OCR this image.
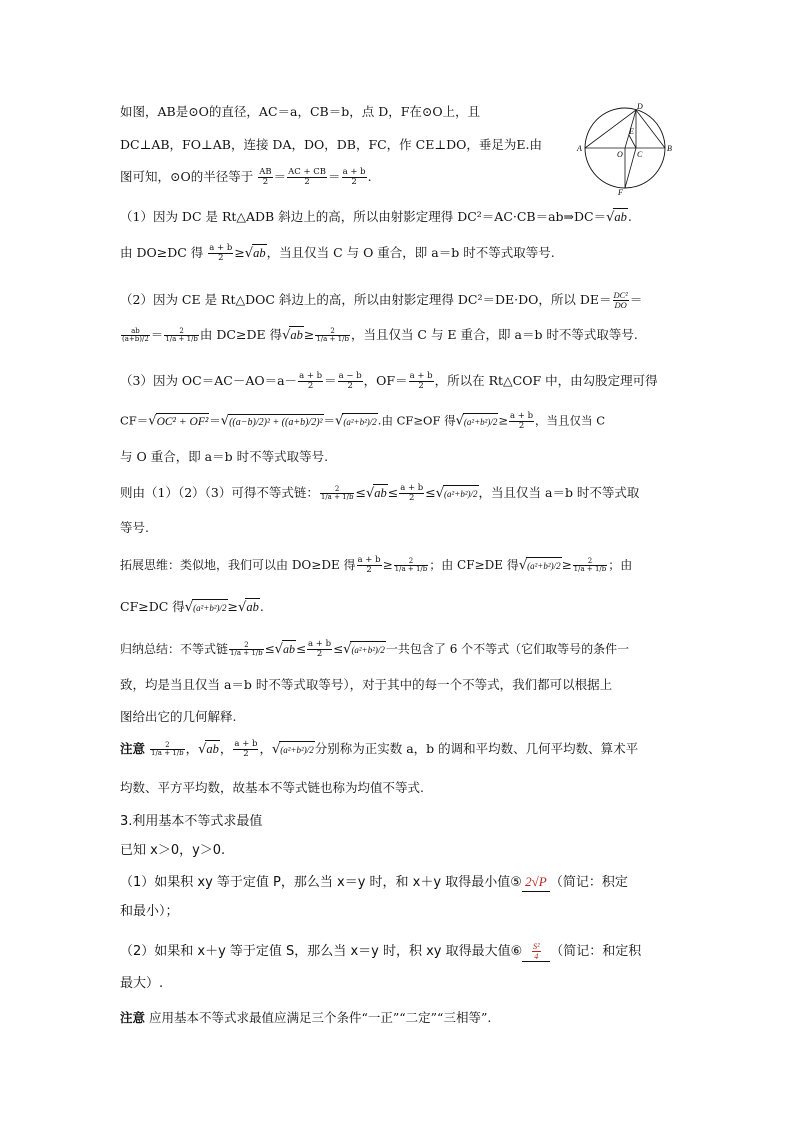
D
E
A
O C
B
F
如图，AB是⊙O的直径，AC＝a，CB＝b，点 D，F在⊙O上，且
DC⊥AB，FO⊥AB，连接 DA，DO，DB，FC，作 CE⊥DO，垂足为E.由
图可知，⊙O的半径等于 $\frac{AB}{2} = \frac{AC + CB}{2} = \frac{a + b}{2}$ .
（1）因为 DC 是 Rt△ADB 斜边上的高，所以由射影定理得 DC²＝AC·CB＝ab⇒DC＝√ab.
由 DO≥DC 得 $\frac{a + b}{2} \ge√ab$，当且仅当 C 与 O 重合，即 a＝b 时不等式取等号.
（2）因为 CE 是 Rt△DOC 斜边上的高，所以由射影定理得 DC²＝DE·DO，所以 $DE= \frac{\text{DC²}}{DO}$ ＝
$\frac{ab}{(a+b)/2} = \frac{2}{1/a + 1/b}$ 由 DC≥DE 得$√ab\ge \frac{2}{1/a + 1/b}$ ，当且仅当 C 与 E 重合，即 a＝b 时不等式取等号.
（3）因为 $OC=AC-AO=a- \frac{a + b}{2} = \frac{a - b}{2}$ ，$OF= \frac{a + b}{2}$ ，所以在 Rt△COF 中，由勾股定理可得
CF＝√OC² + OF²＝√((a−b)/2)² + ((a+b)/2)²＝√(a²+b²)/2.由 CF≥OF 得$√(a^2+b^2)/2\ge \frac{a + b}{2}$ ，当且仅当 C
与 O 重合，即 a＝b 时不等式取等号.
则由（1）（2）（3）可得不等式链： $\frac{2}{1/a + 1/b} \le√ab\le \frac{a + b}{2} \le√(a^2+b^2)/2$，当且仅当 a＝b 时不等式取
等号.
拓展思维：类似地，我们可以由 DO≥DE 得 $\frac{a + b}{2} \ge \frac{2}{1/a + 1/b}$ ；由 CF≥DE 得$√(a^2+b^2)/2\ge \frac{2}{1/a + 1/b}$ ；由
CF≥DC 得√(a²+b²)/2≥√ab.
归纳总结：不等式链 $\frac{2}{1/a + 1/b} \le√ab\le \frac{a + b}{2} \le√(a^2+b^2)/2$一共包含了 6 个不等式（它们取等号的条件一
致，均是当且仅当 a＝b 时不等式取等号），对于其中的每一个不等式，我们都可以根据上
图给出它的几何解释.
注意 $\frac{2}{1/a + 1/b}$ ，√ab， $\frac{a + b}{2}$ ，√(a²+b²)/2分别称为正实数 a，b 的调和平均数、几何平均数、算术平
均数、平方平均数，故基本不等式链也称为均值不等式.
3.利用基本不等式求最值
已知 x＞0，y＞0.
（1）如果积 xy 等于定值 P，那么当 x＝y 时，和 x＋y 取得最小值⑤ 2√P （简记：积定
和最小）；
（2）如果和 x＋y 等于定值 S，那么当 x＝y 时，积 xy 取得最大值⑥ $\frac{\text{S²}}{4}$ （简记：和定积
最大）.
注意 应用基本不等式求最值应满足三个条件“一正”“二定”“三相等”.
